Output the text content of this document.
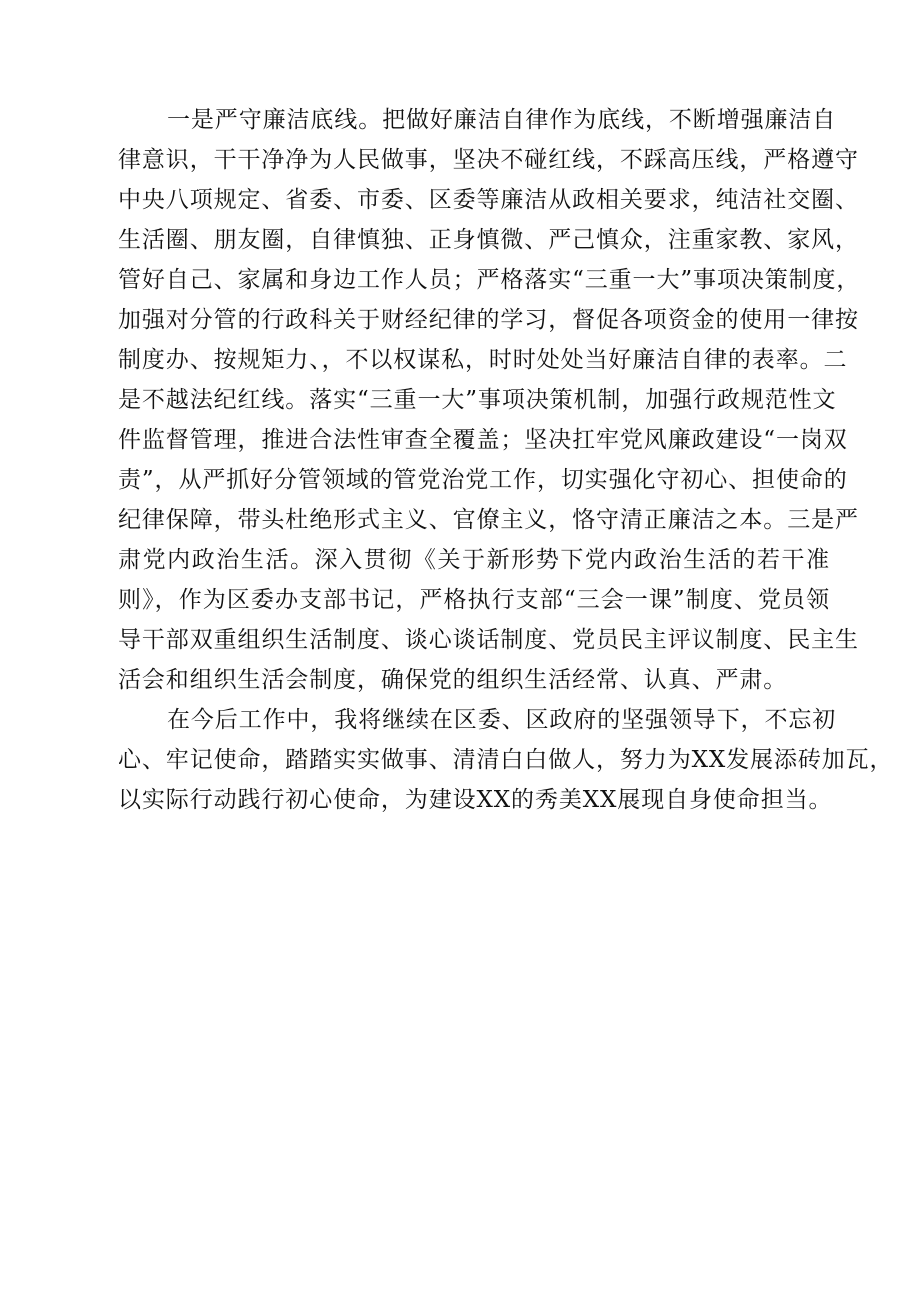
一是严守廉洁底线。把做好廉洁自律作为底线，不断增强廉洁自
律意识，干干净净为人民做事，坚决不碰红线，不踩高压线，严格遵守
中央八项规定、省委、市委、区委等廉洁从政相关要求，纯洁社交圈、
生活圈、朋友圈，自律慎独、正身慎微、严己慎众，注重家教、家风，
管好自己、家属和身边工作人员；严格落实“三重一大”事项决策制度，
加强对分管的行政科关于财经纪律的学习，督促各项资金的使用一律按
制度办、按规矩力、，不以权谋私，时时处处当好廉洁自律的表率。二
是不越法纪红线。落实“三重一大”事项决策机制，加强行政规范性文
件监督管理，推进合法性审查全覆盖；坚决扛牢党风廉政建设“一岗双
责”，从严抓好分管领域的管党治党工作，切实强化守初心、担使命的
纪律保障，带头杜绝形式主义、官僚主义，恪守清正廉洁之本。三是严
肃党内政治生活。深入贯彻《关于新形势下党内政治生活的若干准
则》，作为区委办支部书记，严格执行支部“三会一课”制度、党员领
导干部双重组织生活制度、谈心谈话制度、党员民主评议制度、民主生
活会和组织生活会制度，确保党的组织生活经常、认真、严肃。
在今后工作中，我将继续在区委、区政府的坚强领导下，不忘初
心、牢记使命，踏踏实实做事、清清白白做人，努力为XX发展添砖加瓦，
以实际行动践行初心使命，为建设XX的秀美XX展现自身使命担当。
